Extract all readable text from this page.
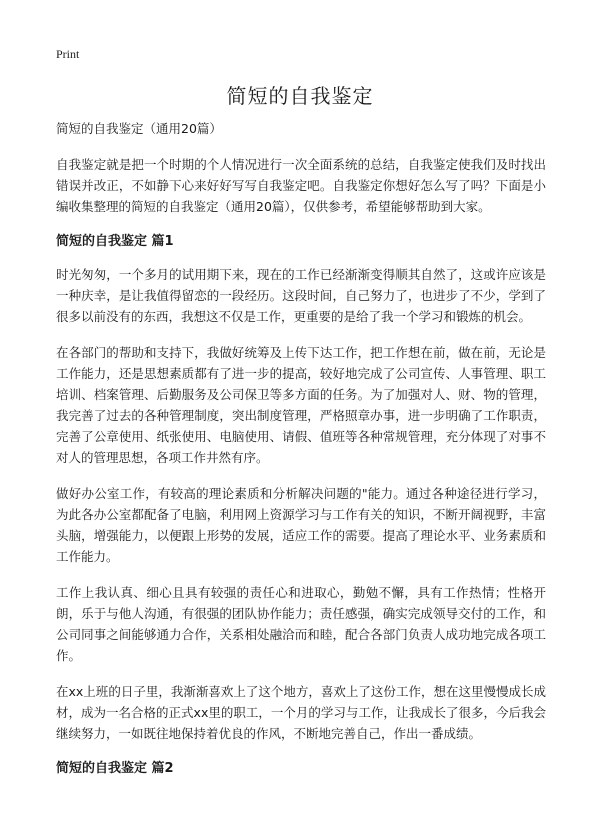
Print
简短的自我鉴定

简短的自我鉴定（通用20篇）

自我鉴定就是把一个时期的个人情况进行一次全面系统的总结，自我鉴定使我们及时找出错误并改正，不如静下心来好好写写自我鉴定吧。自我鉴定你想好怎么写了吗？下面是小编收集整理的简短的自我鉴定（通用20篇），仅供参考，希望能够帮助到大家。

简短的自我鉴定 篇1

时光匆匆，一个多月的试用期下来，现在的工作已经渐渐变得顺其自然了，这或许应该是一种庆幸，是让我值得留恋的一段经历。这段时间，自己努力了，也进步了不少，学到了很多以前没有的东西，我想这不仅是工作，更重要的是给了我一个学习和锻炼的机会。

在各部门的帮助和支持下，我做好统筹及上传下达工作，把工作想在前，做在前，无论是工作能力，还是思想素质都有了进一步的提高，较好地完成了公司宣传、人事管理、职工培训、档案管理、后勤服务及公司保卫等多方面的任务。为了加强对人、财、物的管理，我完善了过去的各种管理制度，突出制度管理，严格照章办事，进一步明确了工作职责，完善了公章使用、纸张使用、电脑使用、请假、值班等各种常规管理，充分体现了对事不对人的管理思想，各项工作井然有序。

做好办公室工作，有较高的理论素质和分析解决问题的"能力。通过各种途径进行学习，为此各办公室都配备了电脑，利用网上资源学习与工作有关的知识，不断开阔视野，丰富头脑，增强能力，以便跟上形势的发展，适应工作的需要。提高了理论水平、业务素质和工作能力。

工作上我认真、细心且具有较强的责任心和进取心，勤勉不懈，具有工作热情；性格开朗，乐于与他人沟通，有很强的团队协作能力；责任感强，确实完成领导交付的工作，和公司同事之间能够通力合作，关系相处融洽而和睦，配合各部门负责人成功地完成各项工作。

在xx上班的日子里，我渐渐喜欢上了这个地方，喜欢上了这份工作，想在这里慢慢成长成材，成为一名合格的正式xx里的职工，一个月的学习与工作，让我成长了很多，今后我会继续努力，一如既往地保持着优良的作风，不断地完善自己，作出一番成绩。

简短的自我鉴定 篇2
